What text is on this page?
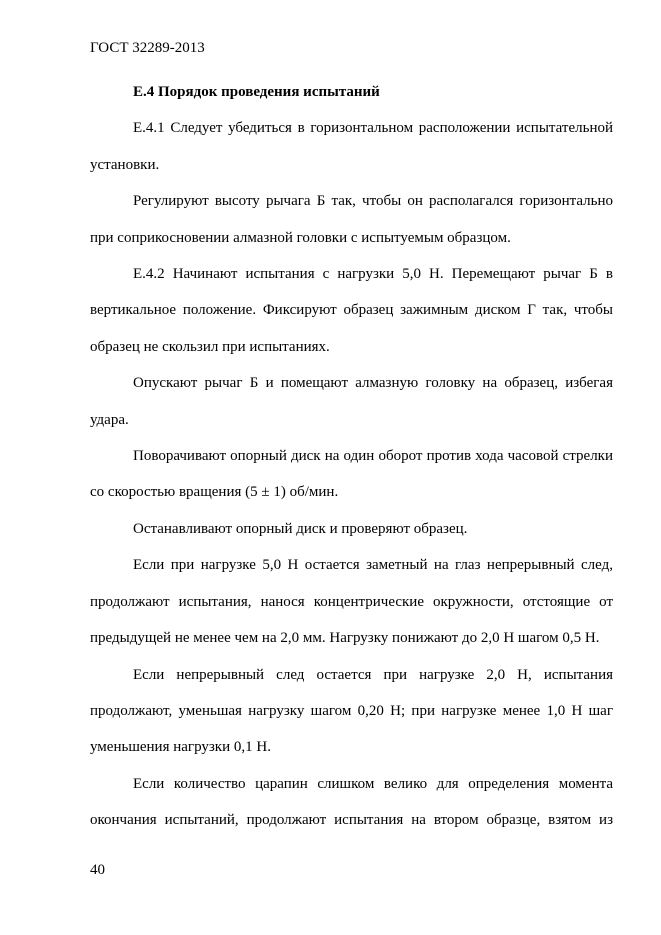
ГОСТ 32289-2013

Е.4 Порядок проведения испытаний

Е.4.1 Следует убедиться в горизонтальном расположении испытательной установки.

Регулируют высоту рычага Б так, чтобы он располагался горизонтально при соприкосновении алмазной головки с испытуемым образцом.

Е.4.2 Начинают испытания с нагрузки 5,0 Н. Перемещают рычаг Б в вертикальное положение. Фиксируют образец зажимным диском Г так, чтобы образец не скользил при испытаниях.

Опускают рычаг Б и помещают алмазную головку на образец, избегая удара.

Поворачивают опорный диск на один оборот против хода часовой стрелки со скоростью вращения (5 ± 1) об/мин.

Останавливают опорный диск и проверяют образец.

Если при нагрузке 5,0 Н остается заметный на глаз непрерывный след, продолжают испытания, нанося концентрические окружности, отстоящие от предыдущей не менее чем на 2,0 мм. Нагрузку понижают до 2,0 Н шагом 0,5 Н.

Если непрерывный след остается при нагрузке 2,0 Н, испытания продолжают, уменьшая нагрузку шагом 0,20 Н; при нагрузке менее 1,0 Н шаг уменьшения нагрузки 0,1 Н.

Если количество царапин слишком велико для определения момента окончания испытаний, продолжают испытания на втором образце, взятом из

40
